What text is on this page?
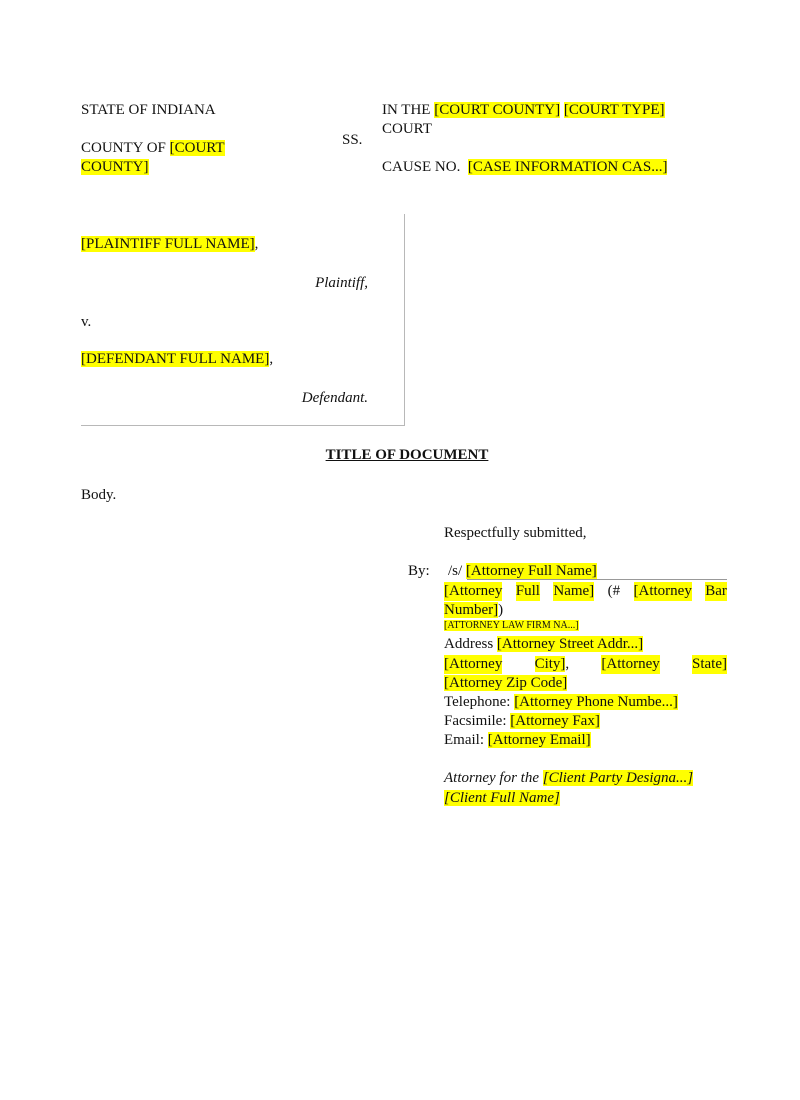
STATE OF INDIANA
COUNTY OF [COURT
COUNTY]
SS.
IN THE [COURT COUNTY] [COURT TYPE]
COURT
CAUSE NO. [CASE INFORMATION CAS...]
[PLAINTIFF FULL NAME],
Plaintiff,
v.
[DEFENDANT FULL NAME],
Defendant.
TITLE OF DOCUMENT
Body.
Respectfully submitted,
By: /s/ [Attorney Full Name]
[Attorney Full Name] (# [Attorney Bar
Number])
[ATTORNEY LAW FIRM NA...]
Address [Attorney Street Addr...]
[Attorney City], [Attorney State]
[Attorney Zip Code]
Telephone: [Attorney Phone Numbe...]
Facsimile: [Attorney Fax]
Email: [Attorney Email]
Attorney for the [Client Party Designa...]
[Client Full Name]
